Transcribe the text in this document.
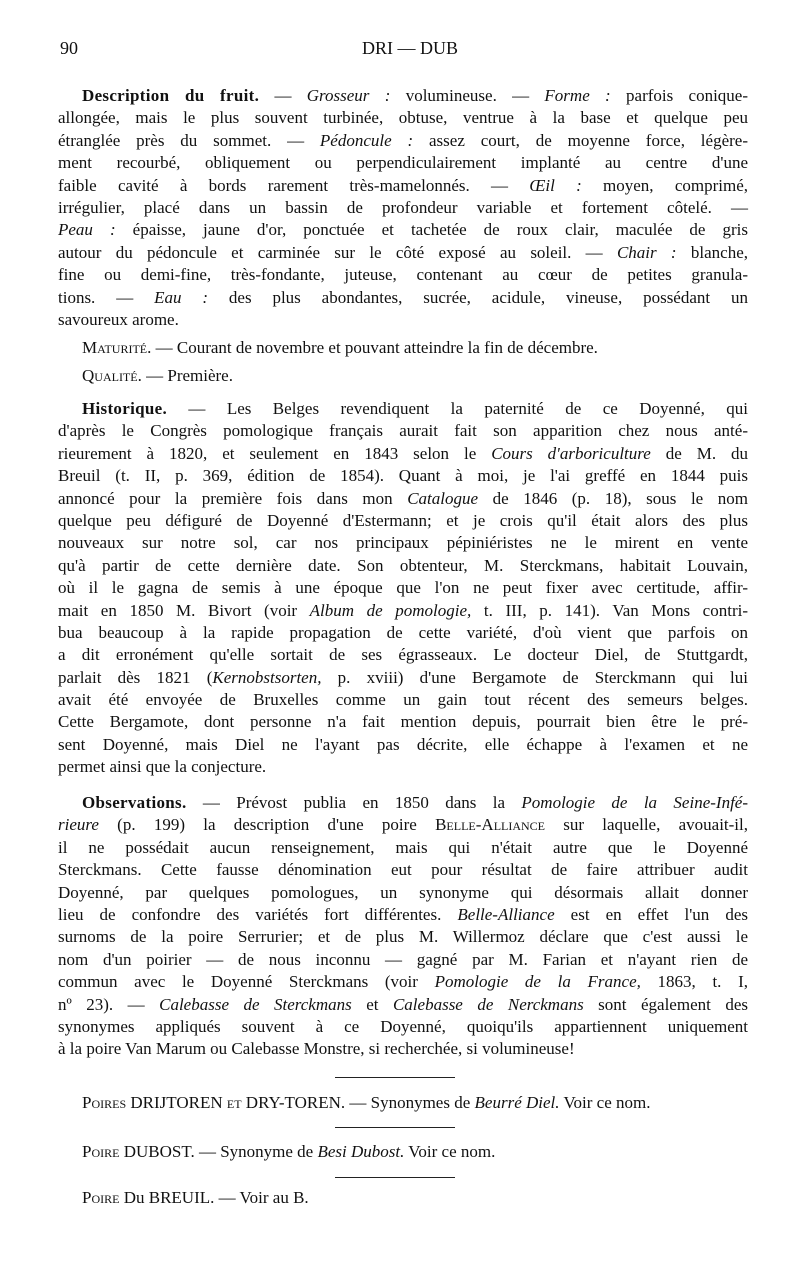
90	DRI — DUB
Description du fruit. — Grosseur : volumineuse. — Forme : parfois conique-
allongée, mais le plus souvent turbinée, obtuse, ventrue à la base et quelque peu
étranglée près du sommet. — Pédoncule : assez court, de moyenne force, légère-
ment recourbé, obliquement ou perpendiculairement implanté au centre d'une
faible cavité à bords rarement très-mamelonnés. — Œil : moyen, comprimé,
irrégulier, placé dans un bassin de profondeur variable et fortement côtelé. —
Peau : épaisse, jaune d'or, ponctuée et tachetée de roux clair, maculée de gris
autour du pédoncule et carminée sur le côté exposé au soleil. — Chair : blanche,
fine ou demi-fine, très-fondante, juteuse, contenant au cœur de petites granula-
tions. — Eau : des plus abondantes, sucrée, acidule, vineuse, possédant un
savoureux arome.
Maturité. — Courant de novembre et pouvant atteindre la fin de décembre.
Qualité. — Première.
Historique. — Les Belges revendiquent la paternité de ce Doyenné, qui
d'après le Congrès pomologique français aurait fait son apparition chez nous anté-
rieurement à 1820, et seulement en 1843 selon le Cours d'arboriculture de M. du
Breuil (t. II, p. 369, édition de 1854). Quant à moi, je l'ai greffé en 1844 puis
annoncé pour la première fois dans mon Catalogue de 1846 (p. 18), sous le nom
quelque peu défiguré de Doyenné d'Estermann; et je crois qu'il était alors des plus
nouveaux sur notre sol, car nos principaux pépiniéristes ne le mirent en vente
qu'à partir de cette dernière date. Son obtenteur, M. Sterckmans, habitait Louvain,
où il le gagna de semis à une époque que l'on ne peut fixer avec certitude, affir-
mait en 1850 M. Bivort (voir Album de pomologie, t. III, p. 141). Van Mons contri-
bua beaucoup à la rapide propagation de cette variété, d'où vient que parfois on
a dit erronément qu'elle sortait de ses égrasseaux. Le docteur Diel, de Stuttgardt,
parlait dès 1821 (Kernobstsorten, p. xviii) d'une Bergamote de Sterckmann qui lui
avait été envoyée de Bruxelles comme un gain tout récent des semeurs belges.
Cette Bergamote, dont personne n'a fait mention depuis, pourrait bien être le pré-
sent Doyenné, mais Diel ne l'ayant pas décrite, elle échappe à l'examen et ne
permet ainsi que la conjecture.
Observations. — Prévost publia en 1850 dans la Pomologie de la Seine-Infé-
rieure (p. 199) la description d'une poire Belle-Alliance sur laquelle, avouait-il,
il ne possédait aucun renseignement, mais qui n'était autre que le Doyenné
Sterckmans. Cette fausse dénomination eut pour résultat de faire attribuer audit
Doyenné, par quelques pomologues, un synonyme qui désormais allait donner
lieu de confondre des variétés fort différentes. Belle-Alliance est en effet l'un des
surnoms de la poire Serrurier; et de plus M. Willermoz déclare que c'est aussi le
nom d'un poirier — de nous inconnu — gagné par M. Farian et n'ayant rien de
commun avec le Doyenné Sterckmans (voir Pomologie de la France, 1863, t. I,
nº 23). — Calebasse de Sterckmans et Calebasse de Nerckmans sont également des
synonymes appliqués souvent à ce Doyenné, quoiqu'ils appartiennent uniquement
à la poire Van Marum ou Calebasse Monstre, si recherchée, si volumineuse!
Poires DRIJTOREN et DRY-TOREN. — Synonymes de Beurré Diel. Voir ce nom.
Poire DUBOST. — Synonyme de Besi Dubost. Voir ce nom.
Poire Du BREUIL. — Voir au B.
